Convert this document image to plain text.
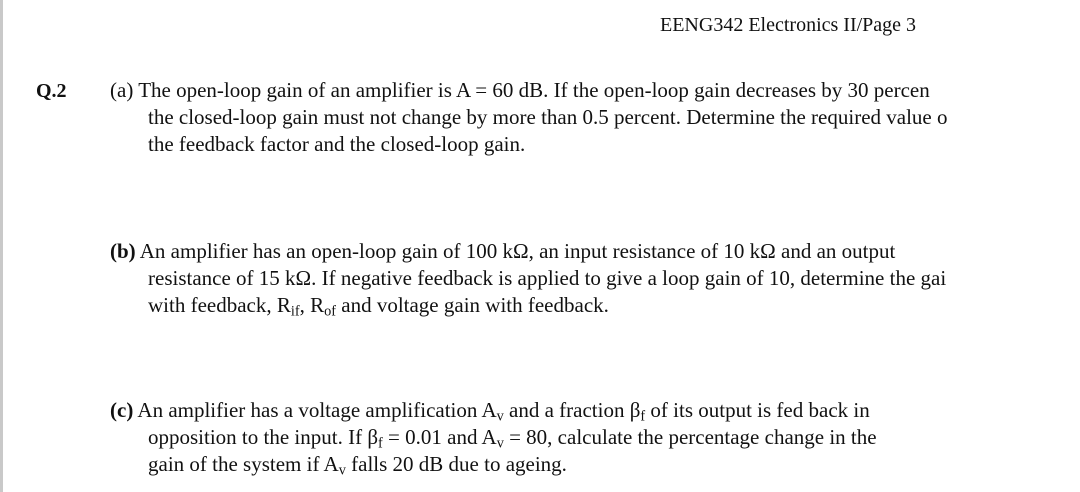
EENG342 Electronics II/Page 3
Q.2 (a) The open-loop gain of an amplifier is A = 60 dB. If the open-loop gain decreases by 30 percen
the closed-loop gain must not change by more than 0.5 percent. Determine the required value o
the feedback factor and the closed-loop gain.
(b) An amplifier has an open-loop gain of 100 kΩ, an input resistance of 10 kΩ and an output
resistance of 15 kΩ. If negative feedback is applied to give a loop gain of 10, determine the gai
with feedback, $R_{if}$, $R_{of}$ and voltage gain with feedback.
(c) An amplifier has a voltage amplification $A_v$ and a fraction $\beta_f$ of its output is fed back in
opposition to the input. If $\beta_f = 0.01$ and $A_v = 80$, calculate the percentage change in the
gain of the system if $A_v$ falls 20 dB due to ageing.
